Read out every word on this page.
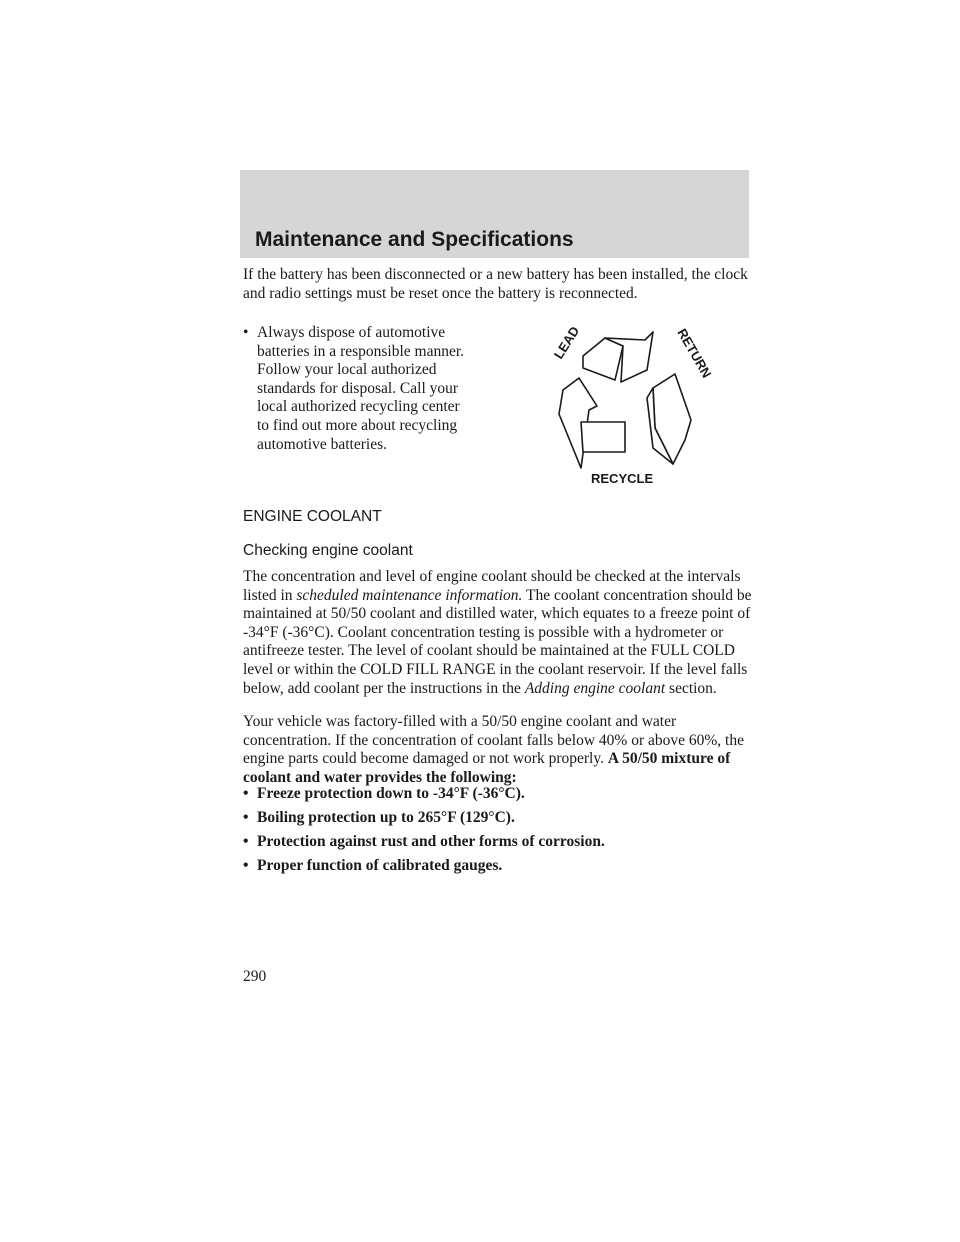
Maintenance and Specifications

If the battery has been disconnected or a new battery has been installed, the clock and radio settings must be reset once the battery is reconnected.

• Always dispose of automotive
batteries in a responsible manner.
Follow your local authorized
standards for disposal. Call your
local authorized recycling center
to find out more about recycling
automotive batteries.
LEAD	RETURN
RECYCLE
ENGINE COOLANT
Checking engine coolant

The concentration and level of engine coolant should be checked at the intervals listed in scheduled maintenance information. The coolant concentration should be maintained at 50/50 coolant and distilled water, which equates to a freeze point of -34°F (-36°C). Coolant concentration testing is possible with a hydrometer or antifreeze tester. The level of coolant should be maintained at the FULL COLD level or within the COLD FILL RANGE in the coolant reservoir. If the level falls below, add coolant per the instructions in the Adding engine coolant section.

Your vehicle was factory-filled with a 50/50 engine coolant and water concentration. If the concentration of coolant falls below 40% or above 60%, the engine parts could become damaged or not work properly. A 50/50 mixture of coolant and water provides the following:

• Freeze protection down to -34°F (-36°C).
• Boiling protection up to 265°F (129°C).
• Protection against rust and other forms of corrosion.
• Proper function of calibrated gauges.
290
